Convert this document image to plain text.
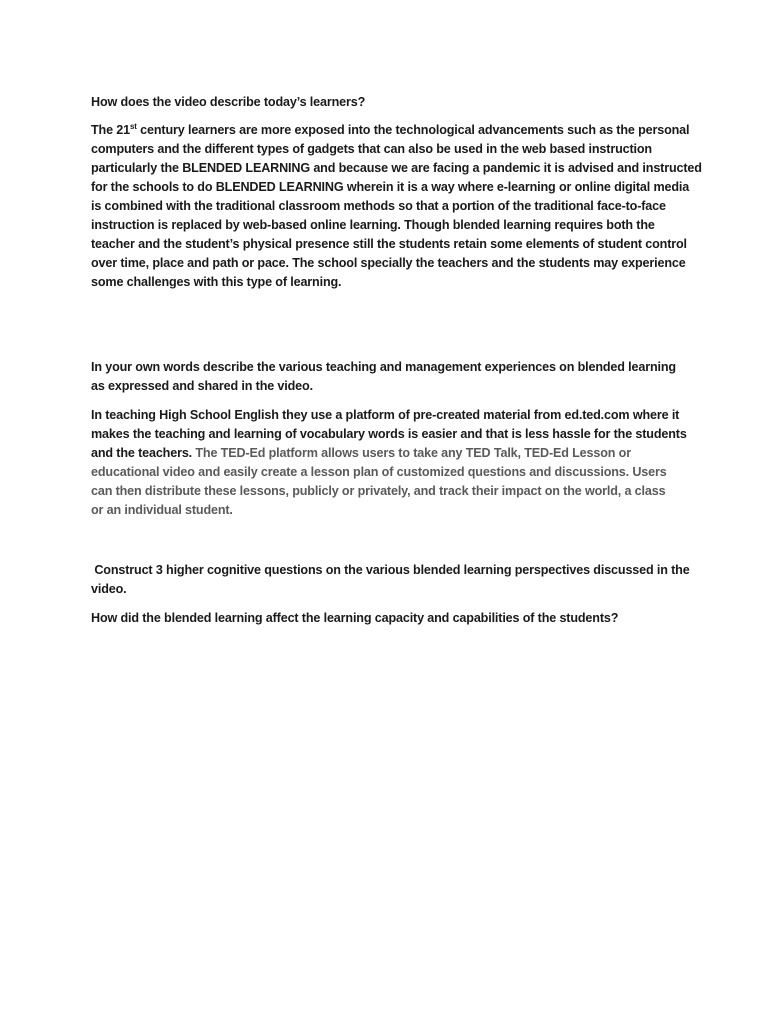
How does the video describe today’s learners?

The 21st century learners are more exposed into the technological advancements such as the personal
computers and the different types of gadgets that can also be used in the web based instruction
particularly the BLENDED LEARNING and because we are facing a pandemic it is advised and instructed
for the schools to do BLENDED LEARNING wherein it is a way where e-learning or online digital media
is combined with the traditional classroom methods so that a portion of the traditional face-to-face
instruction is replaced by web-based online learning. Though blended learning requires both the
teacher and the student’s physical presence still the students retain some elements of student control
over time, place and path or pace. The school specially the teachers and the students may experience
some challenges with this type of learning.

In your own words describe the various teaching and management experiences on blended learning
as expressed and shared in the video.

In teaching High School English they use a platform of pre-created material from ed.ted.com where it
makes the teaching and learning of vocabulary words is easier and that is less hassle for the students
and the teachers. The TED-Ed platform allows users to take any TED Talk, TED-Ed Lesson or
educational video and easily create a lesson plan of customized questions and discussions. Users
can then distribute these lessons, publicly or privately, and track their impact on the world, a class
or an individual student.

Construct 3 higher cognitive questions on the various blended learning perspectives discussed in the
video.

How did the blended learning affect the learning capacity and capabilities of the students?
